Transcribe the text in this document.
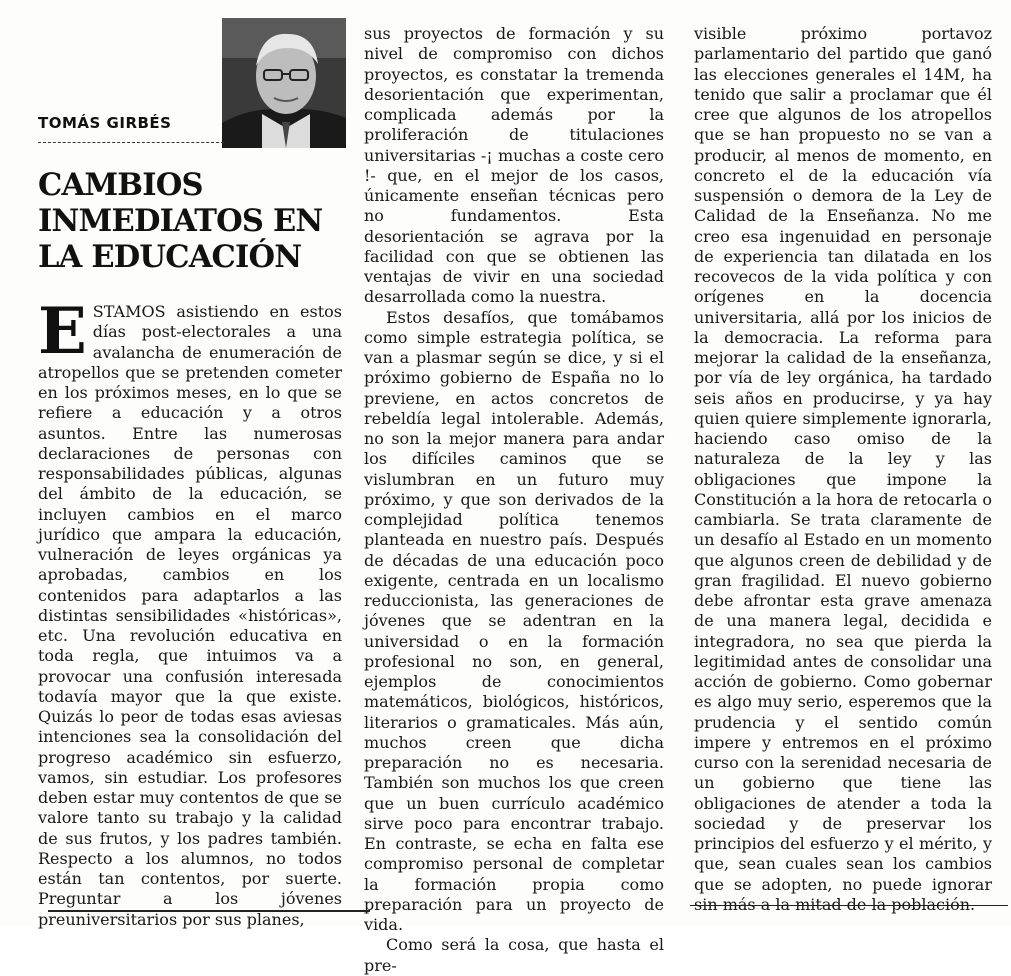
TOMÁS GIRBÉS
CAMBIOS INMEDIATOS EN LA EDUCACIÓN

ESTAMOS asistiendo en estos días post-electorales a una avalancha de enumeración de atropellos que se pretenden cometer en los próximos meses, en lo que se refiere a educación y a otros asuntos. Entre las numerosas declaraciones de personas con responsabilidades públicas, algunas del ámbito de la educación, se incluyen cambios en el marco jurídico que ampara la educación, vulneración de leyes orgánicas ya aprobadas, cambios en los contenidos para adaptarlos a las distintas sensibilidades «históricas», etc. Una revolución educativa en toda regla, que intuimos va a provocar una confusión interesada todavía mayor que la que existe. Quizás lo peor de todas esas aviesas intenciones sea la consolidación del progreso académico sin esfuerzo, vamos, sin estudiar. Los profesores deben estar muy contentos de que se valore tanto su trabajo y la calidad de sus frutos, y los padres también. Respecto a los alumnos, no todos están tan contentos, por suerte. Preguntar a los jóvenes preuniversitarios por sus planes,

sus proyectos de formación y su nivel de compromiso con dichos proyectos, es constatar la tremenda desorientación que experimentan, complicada además por la proliferación de titulaciones universitarias -¡ muchas a coste cero !- que, en el mejor de los casos, únicamente enseñan técnicas pero no fundamentos. Esta desorientación se agrava por la facilidad con que se obtienen las ventajas de vivir en una sociedad desarrollada como la nuestra.

Estos desafíos, que tomábamos como simple estrategia política, se van a plasmar según se dice, y si el próximo gobierno de España no lo previene, en actos concretos de rebeldía legal intolerable. Además, no son la mejor manera para andar los difíciles caminos que se vislumbran en un futuro muy próximo, y que son derivados de la complejidad política tenemos planteada en nuestro país. Después de décadas de una educación poco exigente, centrada en un localismo reduccionista, las generaciones de jóvenes que se adentran en la universidad o en la formación profesional no son, en general, ejemplos de conocimientos matemáticos, biológicos, históricos, literarios o gramaticales. Más aún, muchos creen que dicha preparación no es necesaria. También son muchos los que creen que un buen currículo académico sirve poco para encontrar trabajo. En contraste, se echa en falta ese compromiso personal de completar la formación propia como preparación para un proyecto de vida.

Como será la cosa, que hasta el pre-

visible próximo portavoz parlamentario del partido que ganó las elecciones generales el 14M, ha tenido que salir a proclamar que él cree que algunos de los atropellos que se han propuesto no se van a producir, al menos de momento, en concreto el de la educación vía suspensión o demora de la Ley de Calidad de la Enseñanza. No me creo esa ingenuidad en personaje de experiencia tan dilatada en los recovecos de la vida política y con orígenes en la docencia universitaria, allá por los inicios de la democracia. La reforma para mejorar la calidad de la enseñanza, por vía de ley orgánica, ha tardado seis años en producirse, y ya hay quien quiere simplemente ignorarla, haciendo caso omiso de la naturaleza de la ley y las obligaciones que impone la Constitución a la hora de retocarla o cambiarla. Se trata claramente de un desafío al Estado en un momento que algunos creen de debilidad y de gran fragilidad. El nuevo gobierno debe afrontar esta grave amenaza de una manera legal, decidida e integradora, no sea que pierda la legitimidad antes de consolidar una acción de gobierno. Como gobernar es algo muy serio, esperemos que la prudencia y el sentido común impere y entremos en el próximo curso con la serenidad necesaria de un gobierno que tiene las obligaciones de atender a toda la sociedad y de preservar los principios del esfuerzo y el mérito, y que, sean cuales sean los cambios que se adopten, no puede ignorar sin más a la mitad de la población.
